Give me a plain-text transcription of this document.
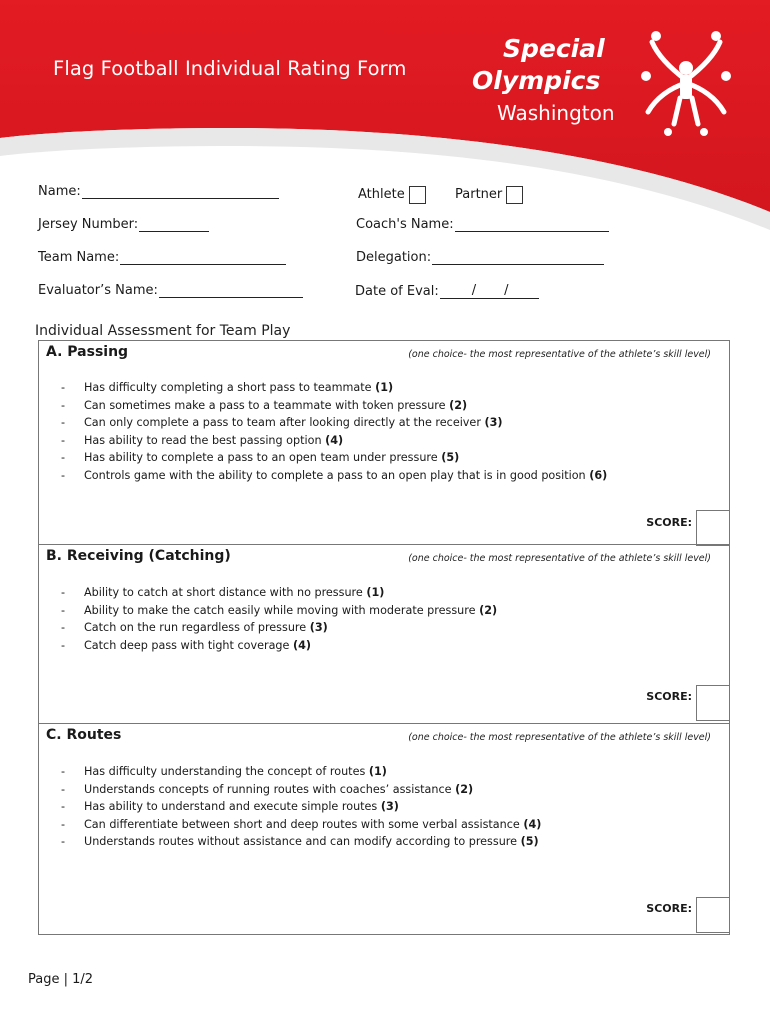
Flag Football Individual Rating Form
Special
Olympics
Washington
Name:	Athlete	Partner
Jersey Number:	Coach's Name:
Team Name:	Delegation:
Evaluator’s Name:	Date of Eval:	/ /
Individual Assessment for Team Play
A. Passing	(one choice- the most representative of the athlete’s skill level)
- Has difficulty completing a short pass to teammate (1)
- Can sometimes make a pass to a teammate with token pressure (2)
- Can only complete a pass to team after looking directly at the receiver (3)
- Has ability to read the best passing option (4)
- Has ability to complete a pass to an open team under pressure (5)
- Controls game with the ability to complete a pass to an open play that is in good position (6)
SCORE:
B. Receiving (Catching)	(one choice- the most representative of the athlete’s skill level)
- Ability to catch at short distance with no pressure (1)
- Ability to make the catch easily while moving with moderate pressure (2)
- Catch on the run regardless of pressure (3)
- Catch deep pass with tight coverage (4)
SCORE:
C. Routes	(one choice- the most representative of the athlete’s skill level)
- Has difficulty understanding the concept of routes (1)
- Understands concepts of running routes with coaches’ assistance (2)
- Has ability to understand and execute simple routes (3)
- Can differentiate between short and deep routes with some verbal assistance (4)
- Understands routes without assistance and can modify according to pressure (5)
SCORE:
Page | 1/2
